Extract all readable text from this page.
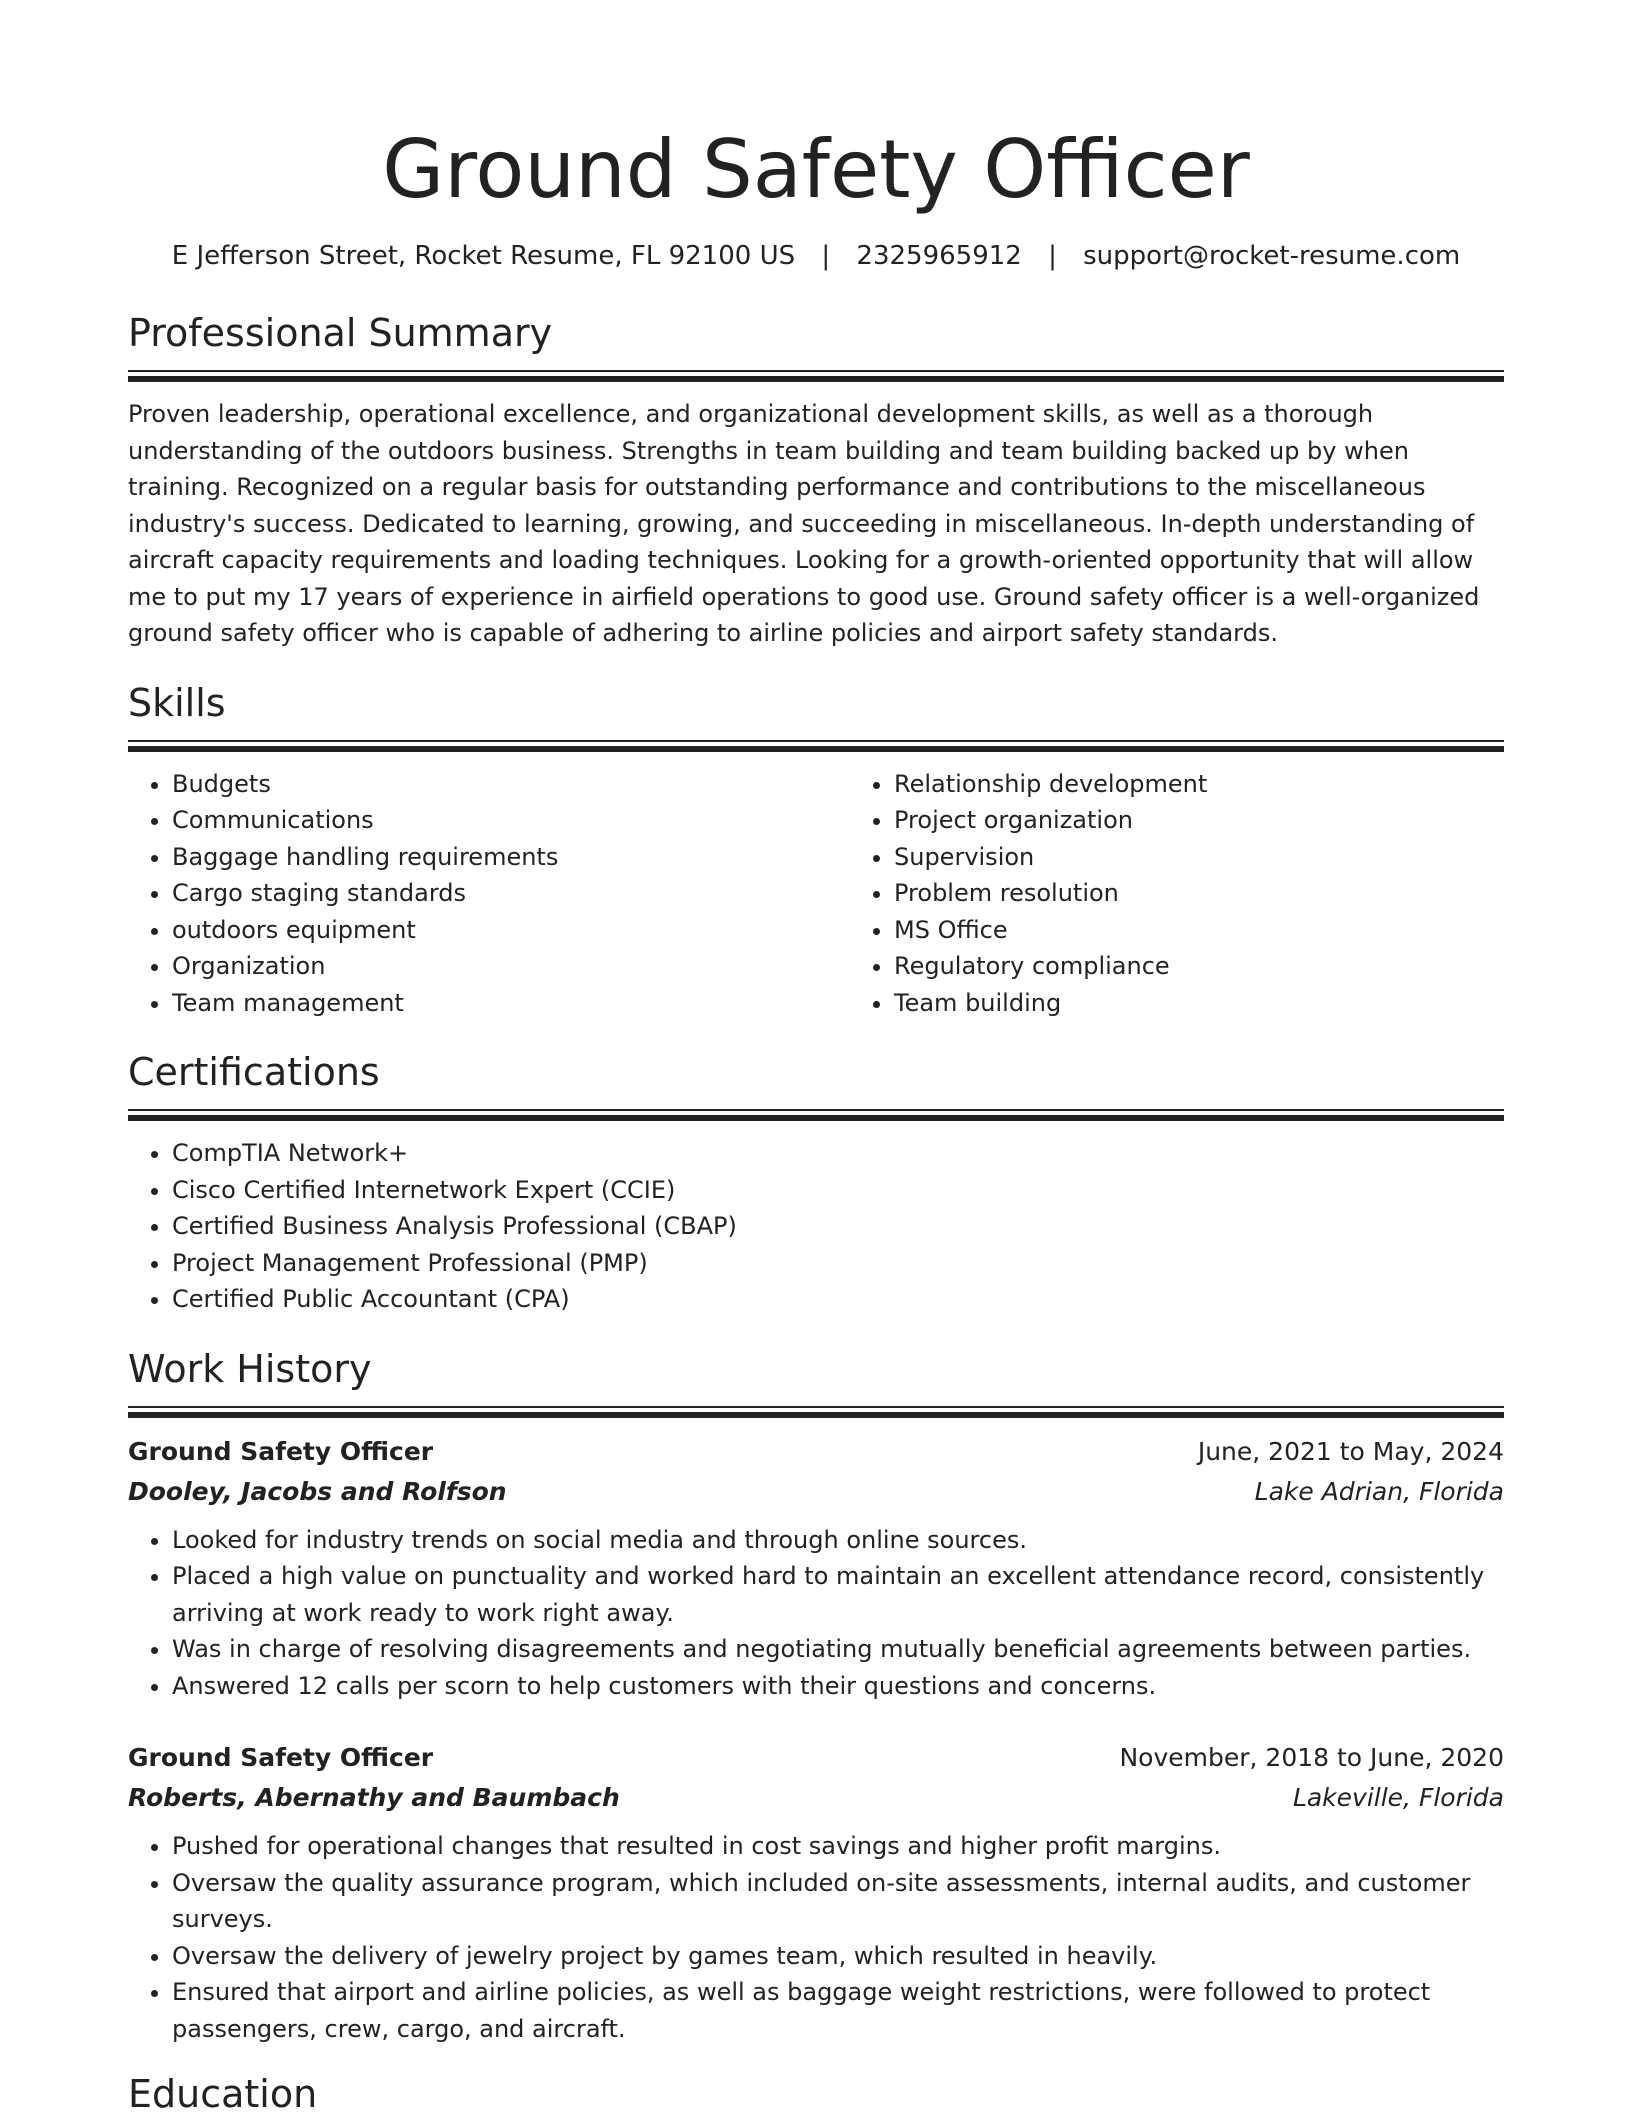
Ground Safety Officer
E Jefferson Street, Rocket Resume, FL 92100 US | 2325965912 | support@rocket-resume.com
Professional Summary
Proven leadership, operational excellence, and organizational development skills, as well as a thorough understanding of the outdoors business. Strengths in team building and team building backed up by when training. Recognized on a regular basis for outstanding performance and contributions to the miscellaneous industry's success. Dedicated to learning, growing, and succeeding in miscellaneous. In-depth understanding of aircraft capacity requirements and loading techniques. Looking for a growth-oriented opportunity that will allow me to put my 17 years of experience in airfield operations to good use. Ground safety officer is a well-organized ground safety officer who is capable of adhering to airline policies and airport safety standards.
Skills
• Budgets
• Communications
• Baggage handling requirements
• Cargo staging standards
• outdoors equipment
• Organization
• Team management
• Relationship development
• Project organization
• Supervision
• Problem resolution
• MS Office
• Regulatory compliance
• Team building
Certifications
• CompTIA Network+
• Cisco Certified Internetwork Expert (CCIE)
• Certified Business Analysis Professional (CBAP)
• Project Management Professional (PMP)
• Certified Public Accountant (CPA)
Work History
Ground Safety Officer	June, 2021 to May, 2024
Dooley, Jacobs and Rolfson	Lake Adrian, Florida
• Looked for industry trends on social media and through online sources.
• Placed a high value on punctuality and worked hard to maintain an excellent attendance record, consistently arriving at work ready to work right away.
• Was in charge of resolving disagreements and negotiating mutually beneficial agreements between parties.
• Answered 12 calls per scorn to help customers with their questions and concerns.
Ground Safety Officer	November, 2018 to June, 2020
Roberts, Abernathy and Baumbach	Lakeville, Florida
• Pushed for operational changes that resulted in cost savings and higher profit margins.
• Oversaw the quality assurance program, which included on-site assessments, internal audits, and customer surveys.
• Oversaw the delivery of jewelry project by games team, which resulted in heavily.
• Ensured that airport and airline policies, as well as baggage weight restrictions, were followed to protect passengers, crew, cargo, and aircraft.
Education
